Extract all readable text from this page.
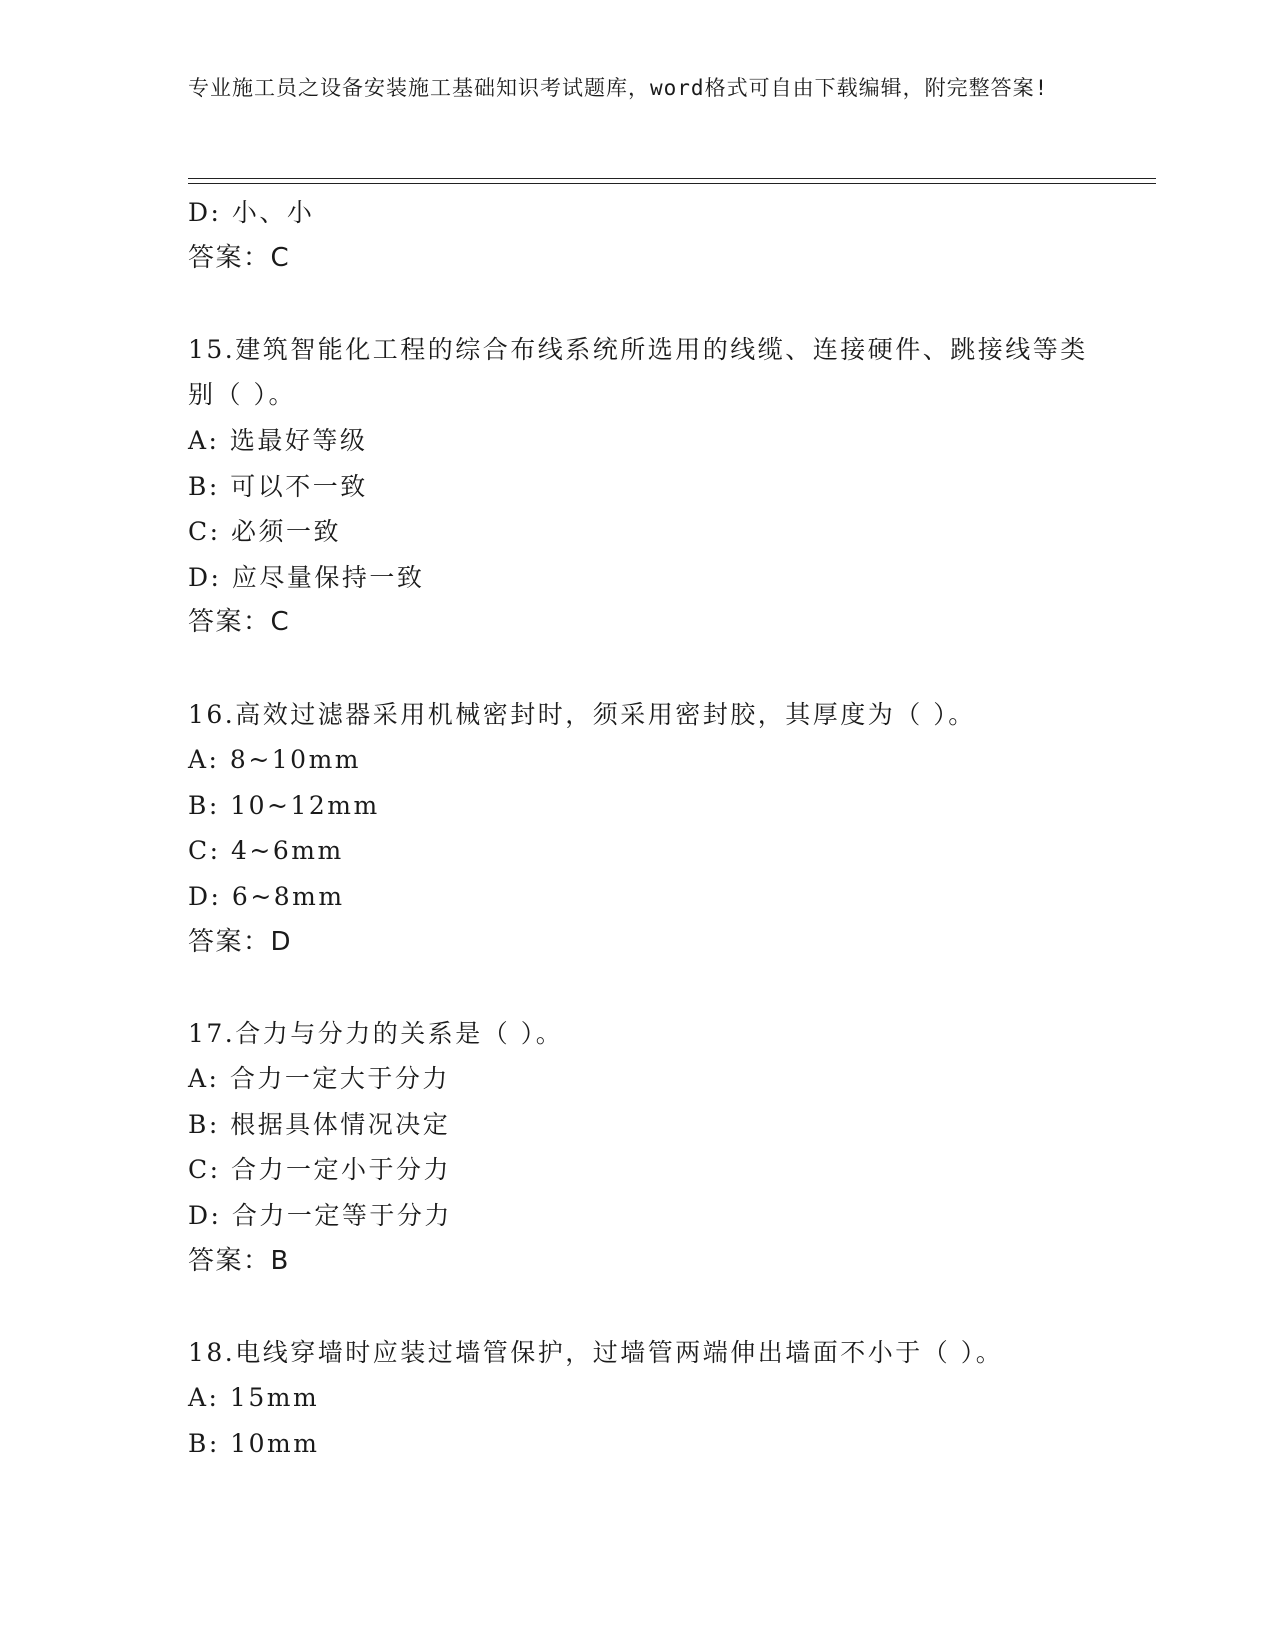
专业施工员之设备安装施工基础知识考试题库，word格式可自由下载编辑，附完整答案!
D: 小、小
答案：C
15.建筑智能化工程的综合布线系统所选用的线缆、连接硬件、跳接线等类别（ ）。
A: 选最好等级
B: 可以不一致
C: 必须一致
D: 应尽量保持一致
答案：C
16.高效过滤器采用机械密封时，须采用密封胶，其厚度为（ ）。
A: 8~10mm
B: 10~12mm
C: 4~6mm
D: 6~8mm
答案：D
17.合力与分力的关系是（ ）。
A: 合力一定大于分力
B: 根据具体情况决定
C: 合力一定小于分力
D: 合力一定等于分力
答案：B
18.电线穿墙时应装过墙管保护，过墙管两端伸出墙面不小于（ ）。
A: 15mm
B: 10mm
